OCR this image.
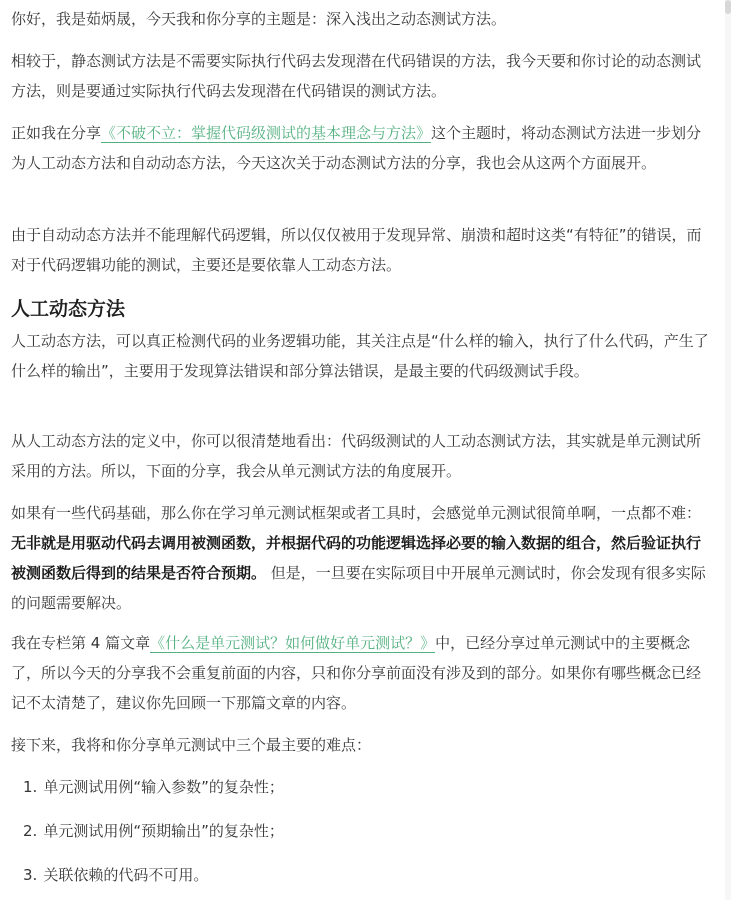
你好，我是茹炳晟，今天我和你分享的主题是：深入浅出之动态测试方法。

相较于，静态测试方法是不需要实际执行代码去发现潜在代码错误的方法，我今天要和你讨论的动态测试方法，则是要通过实际执行代码去发现潜在代码错误的测试方法。

正如我在分享《不破不立：掌握代码级测试的基本理念与方法》这个主题时，将动态测试方法进一步划分为人工动态方法和自动动态方法，今天这次关于动态测试方法的分享，我也会从这两个方面展开。

由于自动动态方法并不能理解代码逻辑，所以仅仅被用于发现异常、崩溃和超时这类“有特征”的错误，而对于代码逻辑功能的测试，主要还是要依靠人工动态方法。

人工动态方法

人工动态方法，可以真正检测代码的业务逻辑功能，其关注点是“什么样的输入，执行了什么代码，产生了什么样的输出”，主要用于发现算法错误和部分算法错误，是最主要的代码级测试手段。

从人工动态方法的定义中，你可以很清楚地看出：代码级测试的人工动态测试方法，其实就是单元测试所采用的方法。所以，下面的分享，我会从单元测试方法的角度展开。

如果有一些代码基础，那么你在学习单元测试框架或者工具时，会感觉单元测试很简单啊，一点都不难：无非就是用驱动代码去调用被测函数，并根据代码的功能逻辑选择必要的输入数据的组合，然后验证执行被测函数后得到的结果是否符合预期。 但是，一旦要在实际项目中开展单元测试时，你会发现有很多实际的问题需要解决。

我在专栏第 4 篇文章《什么是单元测试？如何做好单元测试？》中，已经分享过单元测试中的主要概念了，所以今天的分享我不会重复前面的内容，只和你分享前面没有涉及到的部分。如果你有哪些概念已经记不太清楚了，建议你先回顾一下那篇文章的内容。

接下来，我将和你分享单元测试中三个最主要的难点：

1. 单元测试用例“输入参数”的复杂性；
2. 单元测试用例“预期输出”的复杂性；
3. 关联依赖的代码不可用。
